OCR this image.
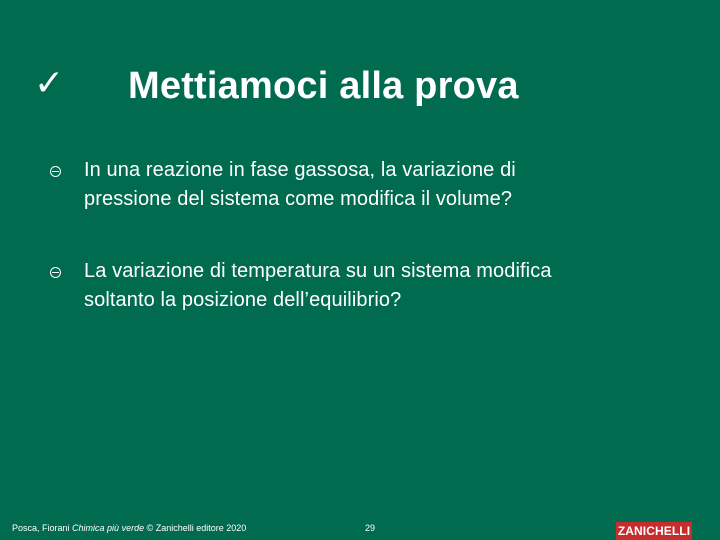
✓ Mettiamoci alla prova
In una reazione in fase gassosa, la variazione di
pressione del sistema come modifica il volume?
La variazione di temperatura su un sistema modifica
soltanto la posizione dell’equilibrio?
Posca, Fiorani Chimica più verde © Zanichelli editore 2020	29	ZANICHELLI
